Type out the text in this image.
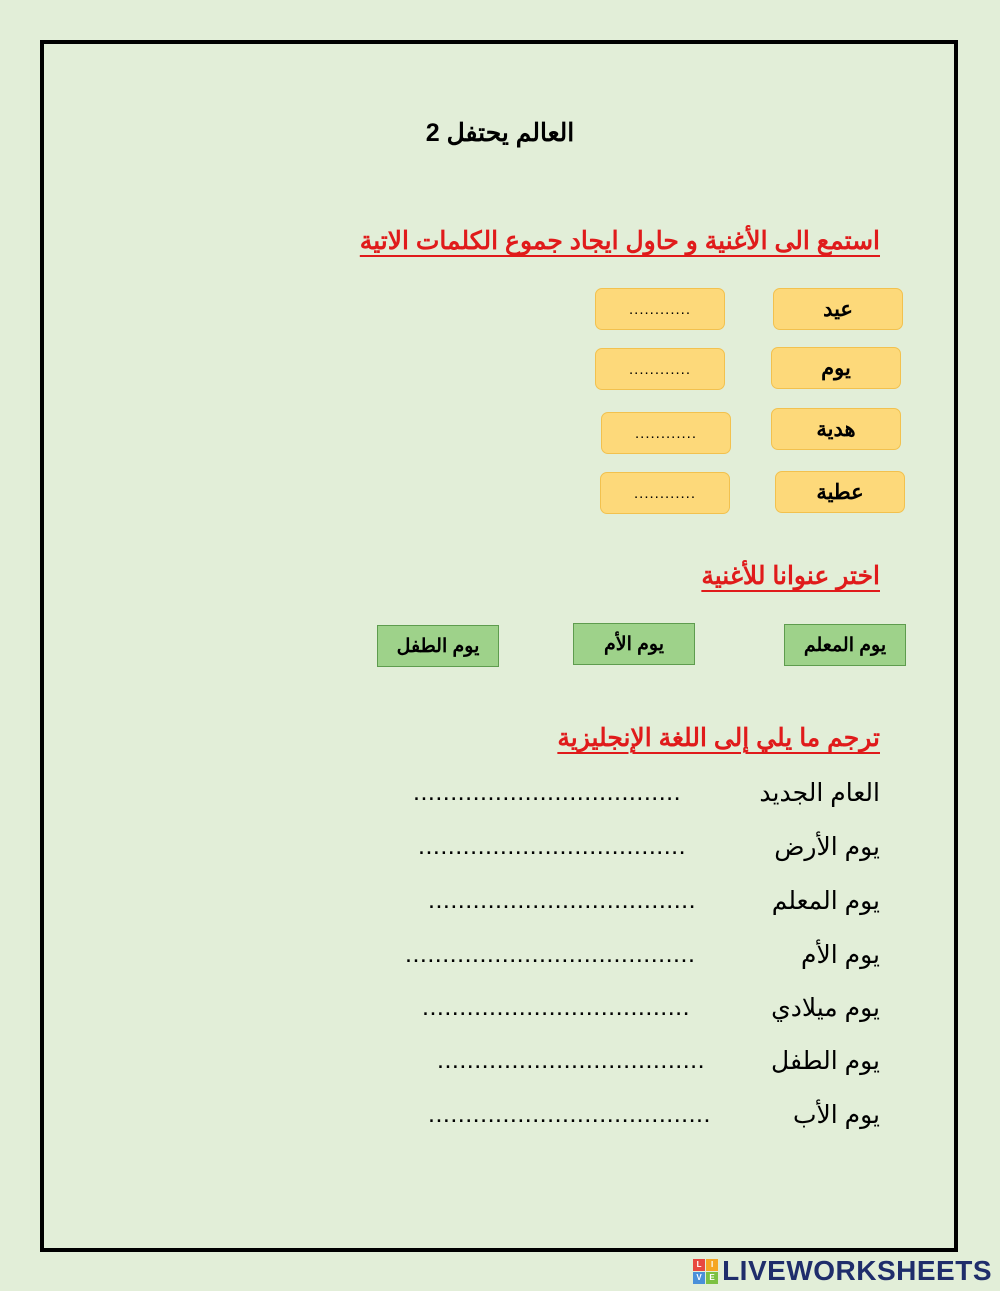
العالم يحتفل 2
استمع الى الأغنية و حاول ايجاد جموع الكلمات الاتية
عيد
............
يوم
............
هدية
............
عطية
............
اختر عنوانا للأغنية
يوم المعلم
يوم الأم
يوم الطفل
ترجم ما يلي إلى اللغة الإنجليزية
العام الجديد
....................................
يوم الأرض
....................................
يوم المعلم
....................................
يوم الأم
.......................................
يوم ميلادي
....................................
يوم الطفل
....................................
يوم الأب
......................................
L	I
V E LIVEWORKSHEETS
